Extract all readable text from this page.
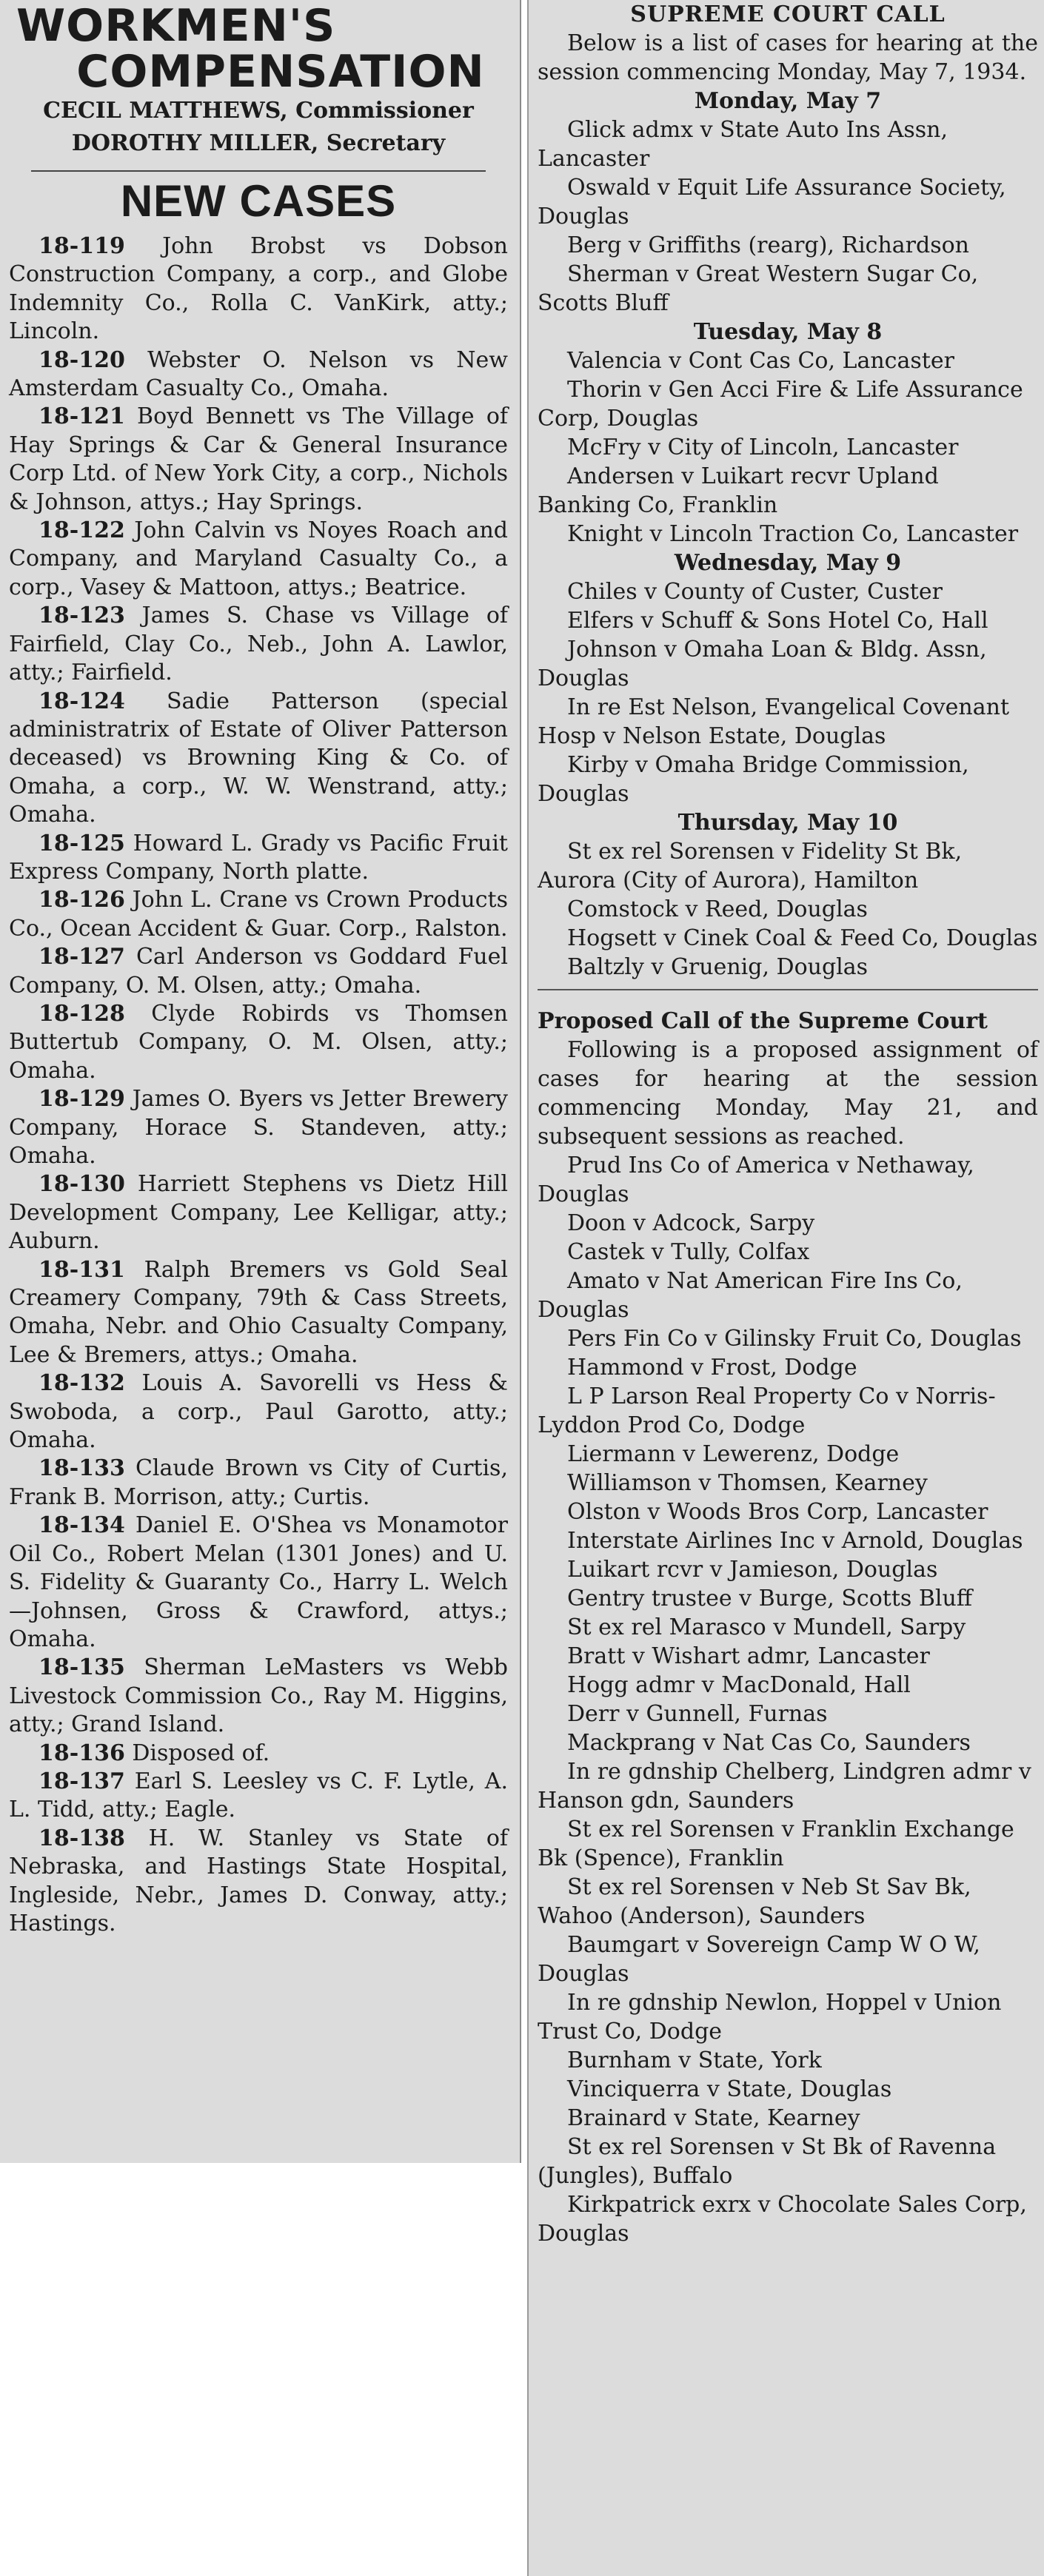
WORKMEN'S
COMPENSATION

CECIL MATTHEWS, Commissioner

DOROTHY MILLER, Secretary

NEW CASES
18-119 John Brobst vs Dobson Construction Company, a corp., and Globe Indemnity Co., Rolla C. VanKirk, atty.; Lincoln.
18-120 Webster O. Nelson vs New Amsterdam Casualty Co., Omaha.
18-121 Boyd Bennett vs The Village of Hay Springs & Car & General Insurance Corp Ltd. of New York City, a corp., Nichols & Johnson, attys.; Hay Springs.
18-122 John Calvin vs Noyes Roach and Company, and Maryland Casualty Co., a corp., Vasey & Mattoon, attys.; Beatrice.
18-123 James S. Chase vs Village of Fairfield, Clay Co., Neb., John A. Lawlor, atty.; Fairfield.
18-124 Sadie Patterson (special administratrix of Estate of Oliver Patterson deceased) vs Browning King & Co. of Omaha, a corp., W. W. Wenstrand, atty.; Omaha.
18-125 Howard L. Grady vs Pacific Fruit Express Company, North platte.
18-126 John L. Crane vs Crown Products Co., Ocean Accident & Guar. Corp., Ralston.
18-127 Carl Anderson vs Goddard Fuel Company, O. M. Olsen, atty.; Omaha.
18-128 Clyde Robirds vs Thomsen Buttertub Company, O. M. Olsen, atty.; Omaha.
18-129 James O. Byers vs Jetter Brewery Company, Horace S. Standeven, atty.; Omaha.
18-130 Harriett Stephens vs Dietz Hill Development Company, Lee Kelligar, atty.; Auburn.
18-131 Ralph Bremers vs Gold Seal Creamery Company, 79th & Cass Streets, Omaha, Nebr. and Ohio Casualty Company, Lee & Bremers, attys.; Omaha.
18-132 Louis A. Savorelli vs Hess & Swoboda, a corp., Paul Garotto, atty.; Omaha.
18-133 Claude Brown vs City of Curtis, Frank B. Morrison, atty.; Curtis.
18-134 Daniel E. O'Shea vs Monamotor Oil Co., Robert Melan (1301 Jones) and U. S. Fidelity & Guaranty Co., Harry L. Welch—Johnsen, Gross & Crawford, attys.; Omaha.
18-135 Sherman LeMasters vs Webb Livestock Commission Co., Ray M. Higgins, atty.; Grand Island.
18-136 Disposed of.
18-137 Earl S. Leesley vs C. F. Lytle, A. L. Tidd, atty.; Eagle.
18-138 H. W. Stanley vs State of Nebraska, and Hastings State Hospital, Ingleside, Nebr., James D. Conway, atty.; Hastings.
SUPREME COURT CALL

Below is a list of cases for hearing at the session commencing Monday, May 7, 1934.

Monday, May 7

Glick admx v State Auto Ins Assn, Lancaster
Oswald v Equit Life Assurance Society, Douglas
Berg v Griffiths (rearg), Richardson
Sherman v Great Western Sugar Co, Scotts Bluff

Tuesday, May 8

Valencia v Cont Cas Co, Lancaster
Thorin v Gen Acci Fire & Life Assurance Corp, Douglas
McFry v City of Lincoln, Lancaster
Andersen v Luikart recvr Upland Banking Co, Franklin
Knight v Lincoln Traction Co, Lancaster

Wednesday, May 9

Chiles v County of Custer, Custer
Elfers v Schuff & Sons Hotel Co, Hall
Johnson v Omaha Loan & Bldg. Assn, Douglas
In re Est Nelson, Evangelical Covenant Hosp v Nelson Estate, Douglas
Kirby v Omaha Bridge Commission, Douglas

Thursday, May 10

St ex rel Sorensen v Fidelity St Bk, Aurora (City of Aurora), Hamilton
Comstock v Reed, Douglas
Hogsett v Cinek Coal & Feed Co, Douglas
Baltzly v Gruenig, Douglas

Proposed Call of the Supreme Court

Following is a proposed assignment of cases for hearing at the session commencing Monday, May 21, and subsequent sessions as reached.

Prud Ins Co of America v Nethaway, Douglas
Doon v Adcock, Sarpy
Castek v Tully, Colfax
Amato v Nat American Fire Ins Co, Douglas
Pers Fin Co v Gilinsky Fruit Co, Douglas
Hammond v Frost, Dodge
L P Larson Real Property Co v Norris-Lyddon Prod Co, Dodge
Liermann v Lewerenz, Dodge
Williamson v Thomsen, Kearney
Olston v Woods Bros Corp, Lancaster
Interstate Airlines Inc v Arnold, Douglas
Luikart rcvr v Jamieson, Douglas
Gentry trustee v Burge, Scotts Bluff
St ex rel Marasco v Mundell, Sarpy
Bratt v Wishart admr, Lancaster
Hogg admr v MacDonald, Hall
Derr v Gunnell, Furnas
Mackprang v Nat Cas Co, Saunders
In re gdnship Chelberg, Lindgren admr v Hanson gdn, Saunders
St ex rel Sorensen v Franklin Exchange Bk (Spence), Franklin
St ex rel Sorensen v Neb St Sav Bk, Wahoo (Anderson), Saunders
Baumgart v Sovereign Camp W O W, Douglas
In re gdnship Newlon, Hoppel v Union Trust Co, Dodge
Burnham v State, York
Vinciquerra v State, Douglas
Brainard v State, Kearney
St ex rel Sorensen v St Bk of Ravenna (Jungles), Buffalo
Kirkpatrick exrx v Chocolate Sales Corp, Douglas
